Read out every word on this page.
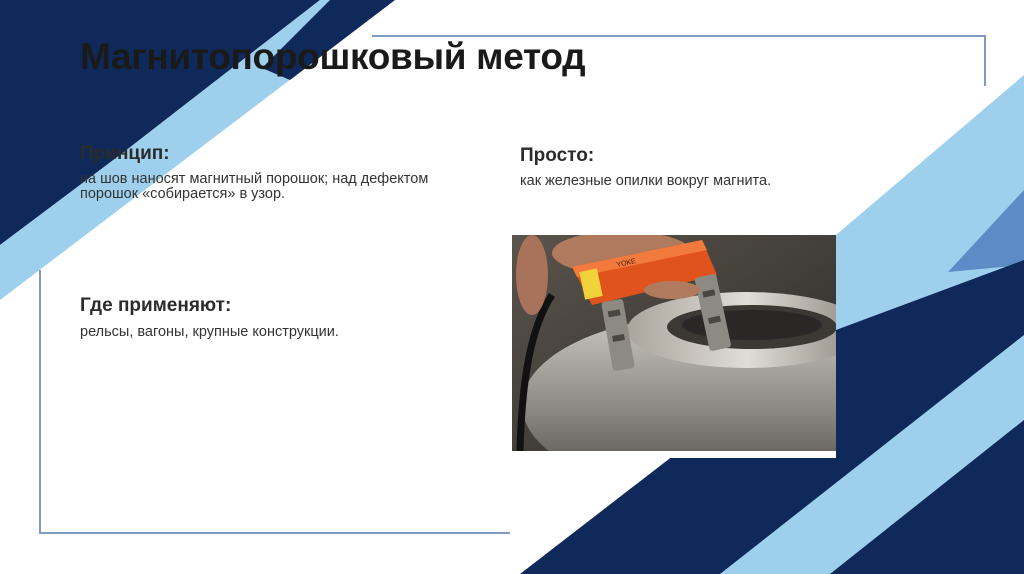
Магнитопорошковый метод
Принцип:

на шов наносят магнитный порошок; над дефектом
порошок «собирается» в узор.

Где применяют:

рельсы, вагоны, крупные конструкции.

Просто:

как железные опилки вокруг магнита.

YOKE
